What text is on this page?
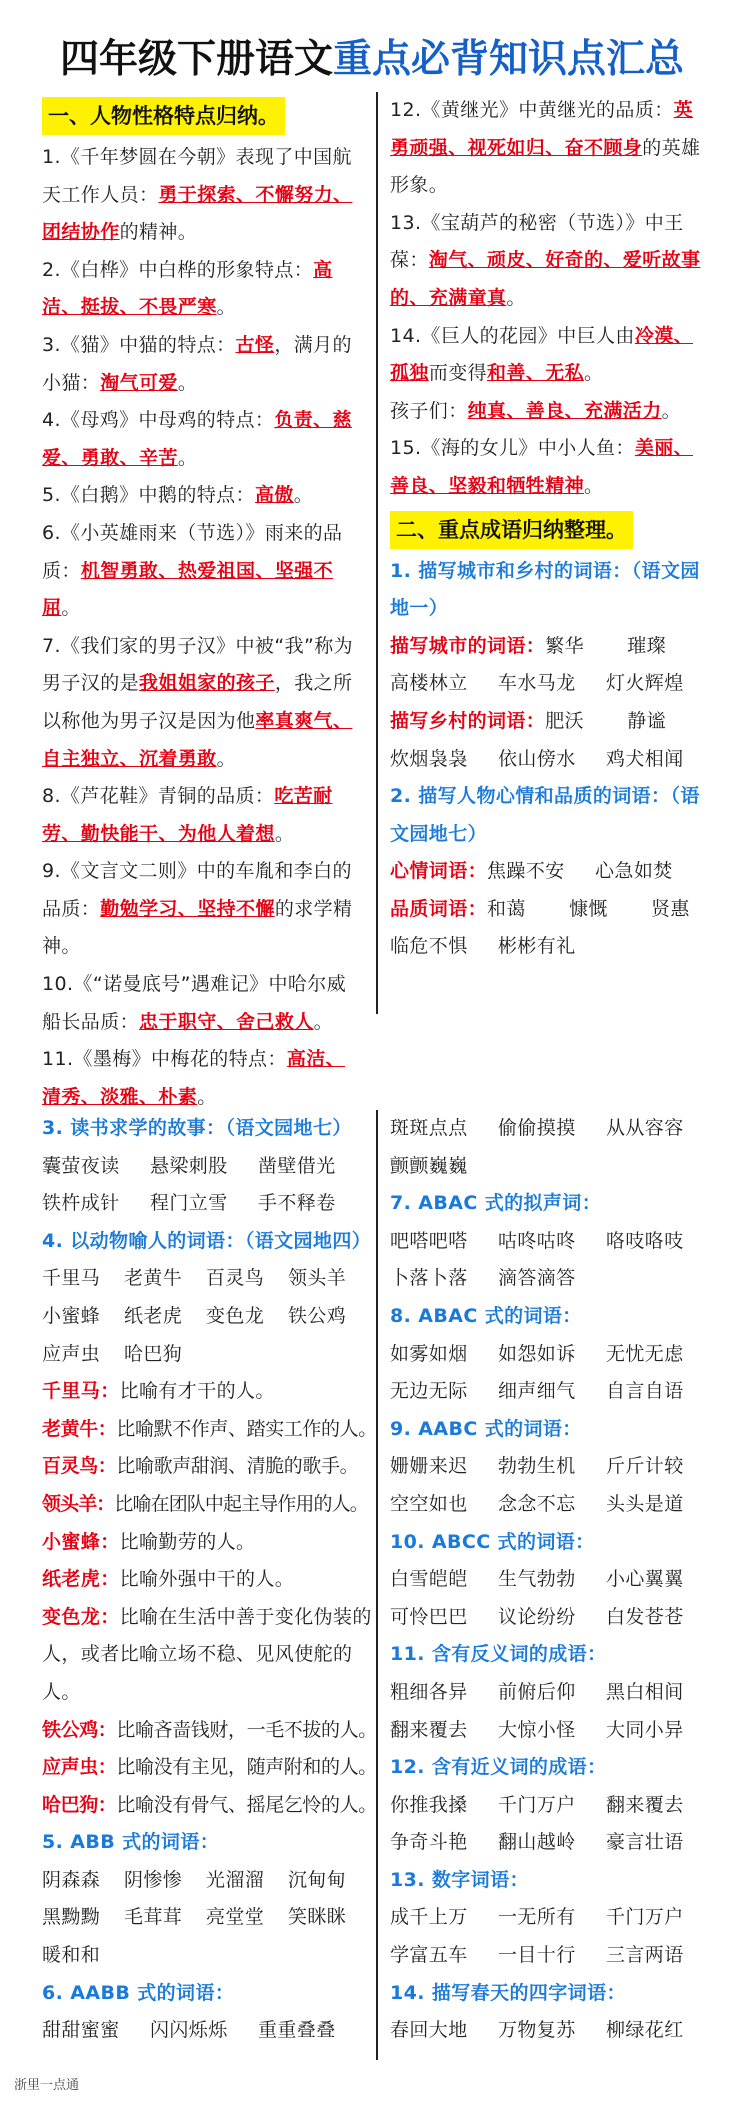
四年级下册语文重点必背知识点汇总
一、人物性格特点归纳。

1.《千年梦圆在今朝》表现了中国航天工作人员：勇于探索、不懈努力、团结协作的精神。

2.《白桦》中白桦的形象特点：高洁、挺拔、不畏严寒。

3.《猫》中猫的特点：古怪，满月的小猫：淘气可爱。

4.《母鸡》中母鸡的特点：负责、慈爱、勇敢、辛苦。

5.《白鹅》中鹅的特点：高傲。

6.《小英雄雨来（节选）》雨来的品质：机智勇敢、热爱祖国、坚强不屈。

7.《我们家的男子汉》中被“我”称为男子汉的是我姐姐家的孩子，我之所以称他为男子汉是因为他率真爽气、自主独立、沉着勇敢。

8.《芦花鞋》青铜的品质：吃苦耐劳、勤快能干、为他人着想。

9.《文言文二则》中的车胤和李白的品质：勤勉学习、坚持不懈的求学精神。

10.《“诺曼底号”遇难记》中哈尔威船长品质：忠于职守、舍己救人。

11.《墨梅》中梅花的特点：高洁、清秀、淡雅、朴素。

12.《黄继光》中黄继光的品质：英勇顽强、视死如归、奋不顾身的英雄形象。

13.《宝葫芦的秘密（节选）》中王葆：淘气、顽皮、好奇的、爱听故事的、充满童真。

14.《巨人的花园》中巨人由冷漠、孤独而变得和善、无私。

孩子们：纯真、善良、充满活力。

15.《海的女儿》中小人鱼：美丽、善良、坚毅和牺牲精神。

二、重点成语归纳整理。

1. 描写城市和乡村的词语：（语文园地一）

描写城市的词语：繁华 璀璨

高楼林立 车水马龙 灯火辉煌

描写乡村的词语：肥沃 静谧

炊烟袅袅 依山傍水 鸡犬相闻

2. 描写人物心情和品质的词语：（语文园地七）

心情词语：焦躁不安 心急如焚

品质词语：和蔼 慷慨 贤惠

临危不惧 彬彬有礼

3. 读书求学的故事：（语文园地七）

囊萤夜读 悬梁刺股 凿壁借光

铁杵成针 程门立雪 手不释卷

4. 以动物喻人的词语：（语文园地四）

千里马 老黄牛 百灵鸟 领头羊

小蜜蜂 纸老虎 变色龙 铁公鸡

应声虫 哈巴狗

千里马：比喻有才干的人。

老黄牛：比喻默不作声、踏实工作的人。

百灵鸟：比喻歌声甜润、清脆的歌手。

领头羊：比喻在团队中起主导作用的人。

小蜜蜂：比喻勤劳的人。

纸老虎：比喻外强中干的人。

变色龙：比喻在生活中善于变化伪装的人，或者比喻立场不稳、见风使舵的人。

铁公鸡：比喻吝啬钱财，一毛不拔的人。

应声虫：比喻没有主见，随声附和的人。

哈巴狗：比喻没有骨气、摇尾乞怜的人。

5. ABB 式的词语：

阴森森 阴惨惨 光溜溜 沉甸甸

黑黝黝 毛茸茸 亮堂堂 笑眯眯

暖和和

6. AABB 式的词语：

甜甜蜜蜜 闪闪烁烁 重重叠叠

斑斑点点 偷偷摸摸 从从容容

颤颤巍巍

7. ABAC 式的拟声词：

吧嗒吧嗒 咕咚咕咚 咯吱咯吱

卜落卜落 滴答滴答

8. ABAC 式的词语：

如雾如烟 如怨如诉 无忧无虑

无边无际 细声细气 自言自语

9. AABC 式的词语：

姗姗来迟 勃勃生机 斤斤计较

空空如也 念念不忘 头头是道

10. ABCC 式的词语：

白雪皑皑 生气勃勃 小心翼翼

可怜巴巴 议论纷纷 白发苍苍

11. 含有反义词的成语：

粗细各异 前俯后仰 黑白相间

翻来覆去 大惊小怪 大同小异

12. 含有近义词的成语：

你推我搡 千门万户 翻来覆去

争奇斗艳 翻山越岭 豪言壮语

13. 数字词语：

成千上万 一无所有 千门万户

学富五车 一目十行 三言两语

14. 描写春天的四字词语：

春回大地 万物复苏 柳绿花红

浙里一点通
